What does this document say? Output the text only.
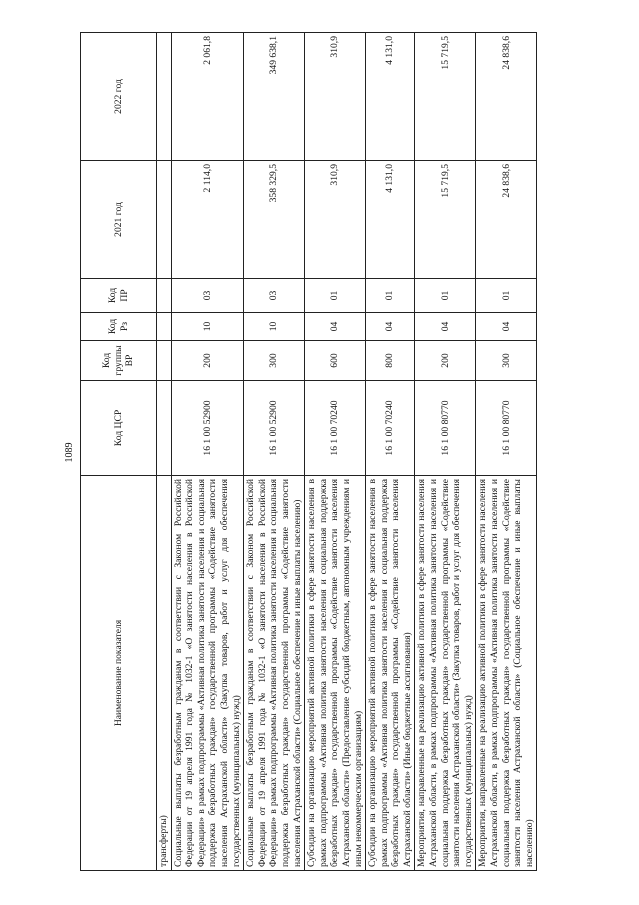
1089
Наименование показателя	Код ЦСР	Код группы ВР	Код Рз	Код ПР	2021 год	2022 год
трансферты)						
Социальные выплаты безработным гражданам в соответствии с Законом Российской Федерации от 19 апреля 1991 года № 1032-1 «О занятости населения в Российской Федерации» в рамках подпрограммы «Активная политика занятости населения и социальная поддержка безработных граждан» государственной программы «Содействие занятости населения Астраханской области» (Закупка товаров, работ и услуг для обеспечения государственных (муниципальных) нужд)	16 1 00 52900	200	10	03	2 114,0	2 061,8
Социальные выплаты безработным гражданам в соответствии с Законом Российской Федерации от 19 апреля 1991 года № 1032-1 «О занятости населения в Российской Федерации» в рамках подпрограммы «Активная политика занятости населения и социальная поддержка безработных граждан» государственной программы «Содействие занятости населения Астраханской области» (Социальное обеспечение и иные выплаты населению)	16 1 00 52900	300	10	03	358 329,5	349 638,1
Субсидии на организацию мероприятий активной политики в сфере занятости населения в рамках подпрограммы «Активная политика занятости населения и социальная поддержка безработных граждан» государственной программы «Содействие занятости населения Астраханской области» (Предоставление субсидий бюджетным, автономным учреждениям и иным некоммерческим организациям)	16 1 00 70240	600	04	01	310,9	310,9
Субсидии на организацию мероприятий активной политики в сфере занятости населения в рамках подпрограммы «Активная политика занятости населения и социальная поддержка безработных граждан» государственной программы «Содействие занятости населения Астраханской области» (Иные бюджетные ассигнования)	16 1 00 70240	800	04	01	4 131,0	4 131,0
Мероприятия, направленные на реализацию активной политики в сфере занятости населения Астраханской области, в рамках подпрограммы «Активная политика занятости населения и социальная поддержка безработных граждан» государственной программы «Содействие занятости населения Астраханской области» (Закупка товаров, работ и услуг для обеспечения государственных (муниципальных) нужд)	16 1 00 80770	200	04	01	15 719,5	15 719,5
Мероприятия, направленные на реализацию активной политики в сфере занятости населения Астраханской области, в рамках подпрограммы «Активная политика занятости населения и социальная поддержка безработных граждан» государственной программы «Содействие занятости населения Астраханской области» (Социальное обеспечение и иные выплаты населению)	16 1 00 80770	300	04	01	24 838,6	24 838,6
